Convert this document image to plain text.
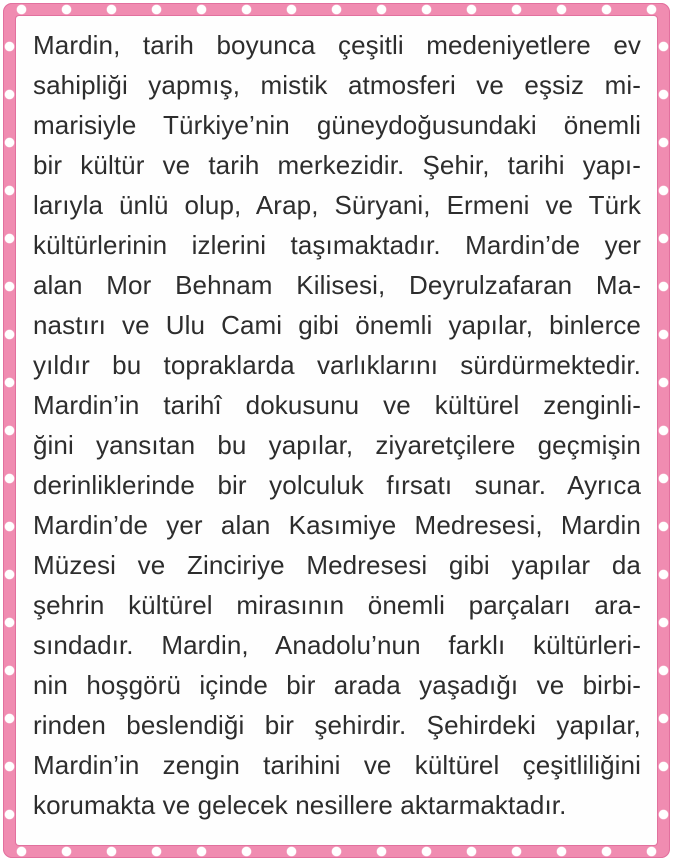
Mardin, tarih boyunca çeşitli medeniyetlere ev
sahipliği yapmış, mistik atmosferi ve eşsiz mi-
marisiyle Türkiye’nin güneydoğusundaki önemli
bir kültür ve tarih merkezidir. Şehir, tarihi yapı-
larıyla ünlü olup, Arap, Süryani, Ermeni ve Türk
kültürlerinin izlerini taşımaktadır. Mardin’de yer
alan Mor Behnam Kilisesi, Deyrulzafaran Ma-
nastırı ve Ulu Cami gibi önemli yapılar, binlerce
yıldır bu topraklarda varlıklarını sürdürmektedir.
Mardin’in tarihî dokusunu ve kültürel zenginli-
ğini yansıtan bu yapılar, ziyaretçilere geçmişin
derinliklerinde bir yolculuk fırsatı sunar. Ayrıca
Mardin’de yer alan Kasımiye Medresesi, Mardin
Müzesi ve Zinciriye Medresesi gibi yapılar da
şehrin kültürel mirasının önemli parçaları ara-
sındadır. Mardin, Anadolu’nun farklı kültürleri-
nin hoşgörü içinde bir arada yaşadığı ve birbi-
rinden beslendiği bir şehirdir. Şehirdeki yapılar,
Mardin’in zengin tarihini ve kültürel çeşitliliğini
korumakta ve gelecek nesillere aktarmaktadır.
